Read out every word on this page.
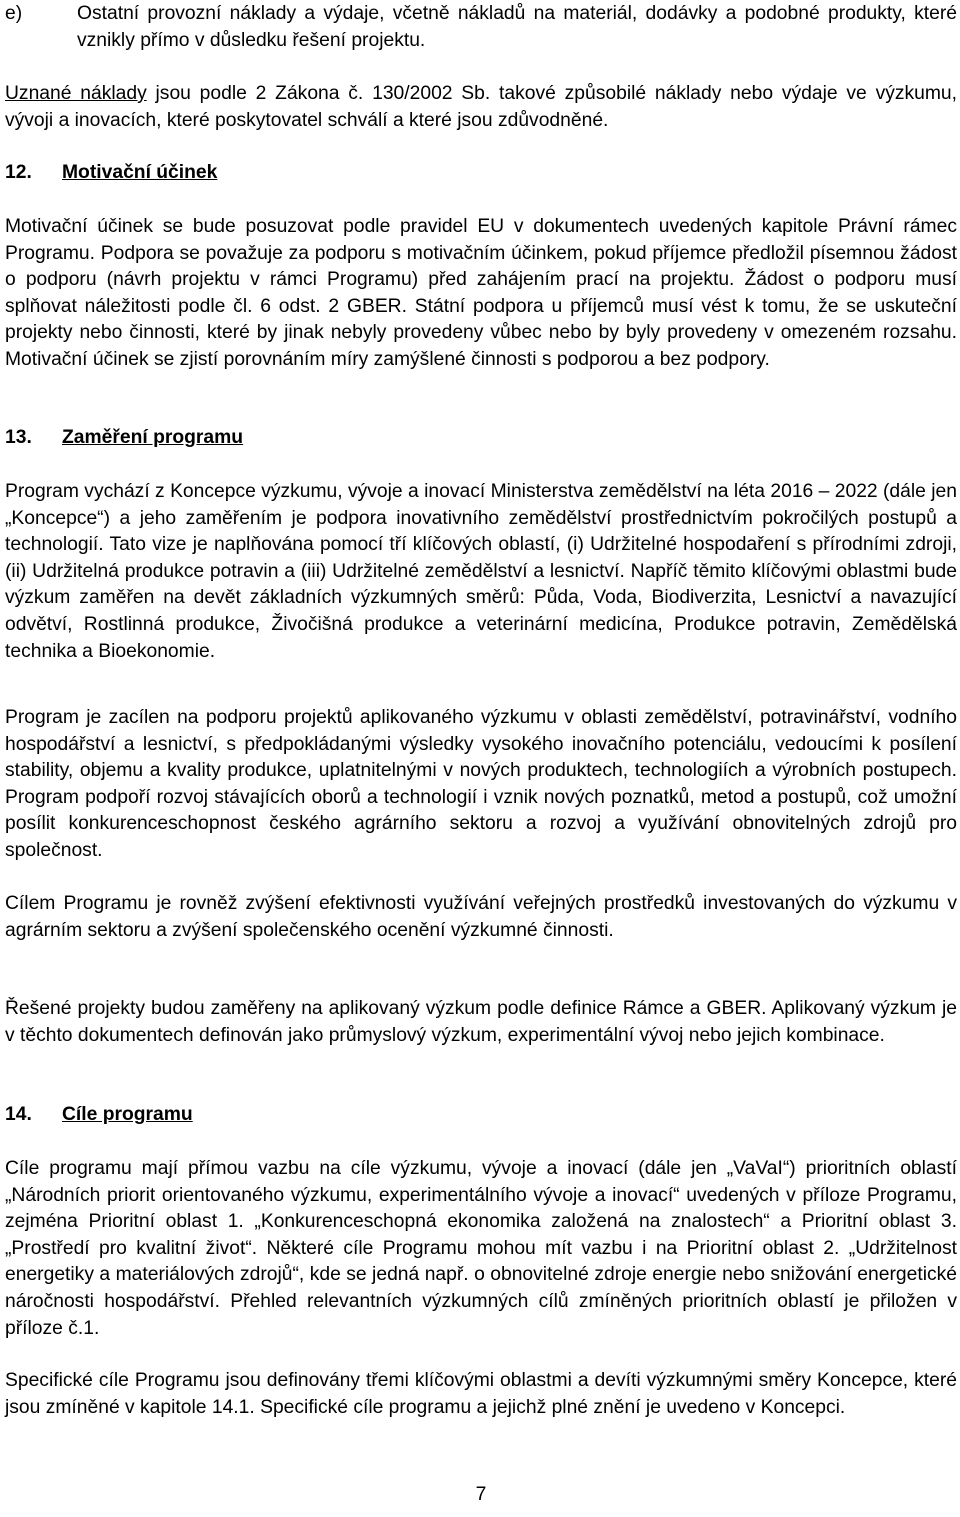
e)	Ostatní provozní náklady a výdaje, včetně nákladů na materiál, dodávky a podobné produkty, které vznikly přímo v důsledku řešení projektu.

Uznané náklady jsou podle 2 Zákona č. 130/2002 Sb. takové způsobilé náklady nebo výdaje ve výzkumu, vývoji a inovacích, které poskytovatel schválí a které jsou zdůvodněné.

12. Motivační účinek

Motivační účinek se bude posuzovat podle pravidel EU v dokumentech uvedených kapitole Právní rámec Programu. Podpora se považuje za podporu s motivačním účinkem, pokud příjemce předložil písemnou žádost o podporu (návrh projektu v rámci Programu) před zahájením prací na projektu. Žádost o podporu musí splňovat náležitosti podle čl. 6 odst. 2 GBER. Státní podpora u příjemců musí vést k tomu, že se uskuteční projekty nebo činnosti, které by jinak nebyly provedeny vůbec nebo by byly provedeny v omezeném rozsahu. Motivační účinek se zjistí porovnáním míry zamýšlené činnosti s podporou a bez podpory.

13. Zaměření programu

Program vychází z Koncepce výzkumu, vývoje a inovací Ministerstva zemědělství na léta 2016 – 2022 (dále jen „Koncepce“) a jeho zaměřením je podpora inovativního zemědělství prostřednictvím pokročilých postupů a technologií. Tato vize je naplňována pomocí tří klíčových oblastí, (i) Udržitelné hospodaření s přírodními zdroji, (ii) Udržitelná produkce potravin a (iii) Udržitelné zemědělství a lesnictví. Napříč těmito klíčovými oblastmi bude výzkum zaměřen na devět základních výzkumných směrů: Půda, Voda, Biodiverzita, Lesnictví a navazující odvětví, Rostlinná produkce, Živočišná produkce a veterinární medicína, Produkce potravin, Zemědělská technika a Bioekonomie.

Program je zacílen na podporu projektů aplikovaného výzkumu v oblasti zemědělství, potravinářství, vodního hospodářství a lesnictví, s předpokládanými výsledky vysokého inovačního potenciálu, vedoucími k posílení stability, objemu a kvality produkce, uplatnitelnými v nových produktech, technologiích a výrobních postupech. Program podpoří rozvoj stávajících oborů a technologií i vznik nových poznatků, metod a postupů, což umožní posílit konkurenceschopnost českého agrárního sektoru a rozvoj a využívání obnovitelných zdrojů pro společnost.

Cílem Programu je rovněž zvýšení efektivnosti využívání veřejných prostředků investovaných do výzkumu v agrárním sektoru a zvýšení společenského ocenění výzkumné činnosti.

Řešené projekty budou zaměřeny na aplikovaný výzkum podle definice Rámce a GBER. Aplikovaný výzkum je v těchto dokumentech definován jako průmyslový výzkum, experimentální vývoj nebo jejich kombinace.

14. Cíle programu

Cíle programu mají přímou vazbu na cíle výzkumu, vývoje a inovací (dále jen „VaVaI“) prioritních oblastí „Národních priorit orientovaného výzkumu, experimentálního vývoje a inovací“ uvedených v příloze Programu, zejména Prioritní oblast 1. „Konkurenceschopná ekonomika založená na znalostech“ a Prioritní oblast 3. „Prostředí pro kvalitní život“. Některé cíle Programu mohou mít vazbu i na Prioritní oblast 2. „Udržitelnost energetiky a materiálových zdrojů“, kde se jedná např. o obnovitelné zdroje energie nebo snižování energetické náročnosti hospodářství. Přehled relevantních výzkumných cílů zmíněných prioritních oblastí je přiložen v příloze č.1.

Specifické cíle Programu jsou definovány třemi klíčovými oblastmi a devíti výzkumnými směry Koncepce, které jsou zmíněné v kapitole 14.1. Specifické cíle programu a jejichž plné znění je uvedeno v Koncepci.

7
